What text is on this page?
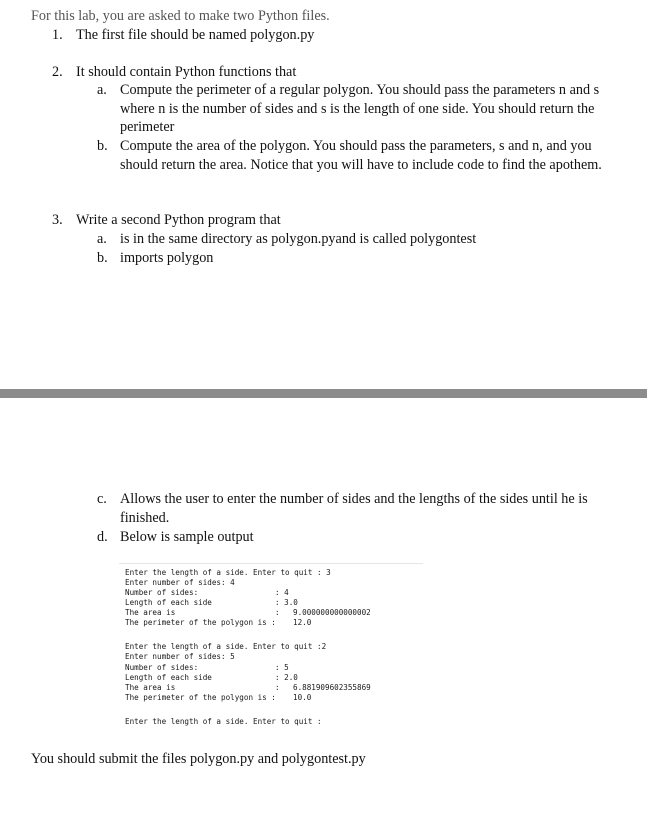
For this lab, you are asked to make two Python files.
1. The first file should be named polygon.py
2. It should contain Python functions that
a. Compute the perimeter of a regular polygon. You should pass the parameters n and s where n is the number of sides and s is the length of one side. You should return the perimeter
b. Compute the area of the polygon. You should pass the parameters, s and n, and you should return the area. Notice that you will have to include code to find the apothem.
3. Write a second Python program that
a. is in the same directory as polygon.pyand is called polygontest
b. imports polygon
c. Allows the user to enter the number of sides and the lengths of the sides until he is finished.
d. Below is sample output
Enter the length of a side. Enter to quit : 3
Enter number of sides: 4
Number of sides:	: 4
Length of each side	: 3.0
The area is	: 9.000000000000002
The perimeter of the polygon is : 12.0
Enter the length of a side. Enter to quit :2
Enter number of sides: 5
Number of sides:	: 5
Length of each side	: 2.0
The area is	: 6.881909602355869
The perimeter of the polygon is : 10.0
Enter the length of a side. Enter to quit :
You should submit the files polygon.py and polygontest.py
